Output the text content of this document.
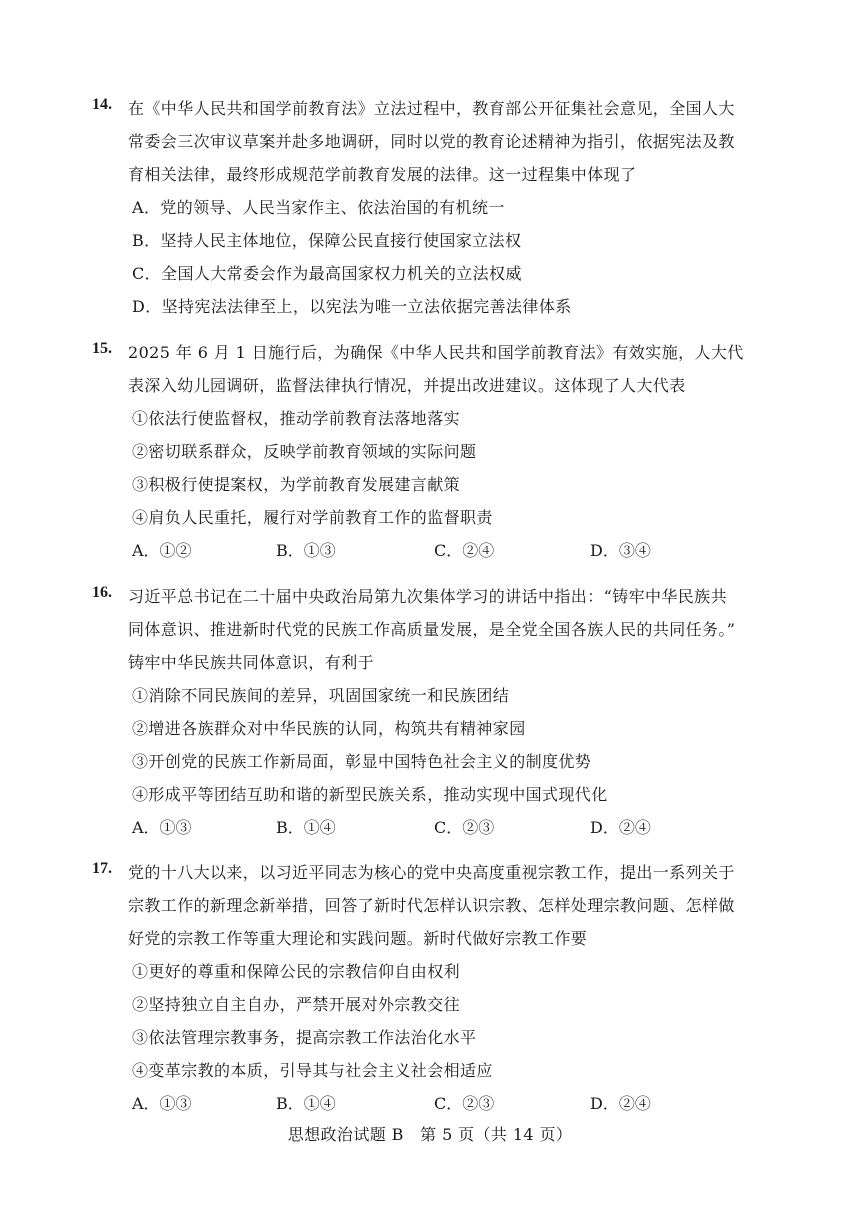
14. 在《中华人民共和国学前教育法》立法过程中，教育部公开征集社会意见，全国人大
常委会三次审议草案并赴多地调研，同时以党的教育论述精神为指引，依据宪法及教
育相关法律，最终形成规范学前教育发展的法律。这一过程集中体现了
A．党的领导、人民当家作主、依法治国的有机统一
B．坚持人民主体地位，保障公民直接行使国家立法权
C．全国人大常委会作为最高国家权力机关的立法权威
D．坚持宪法法律至上，以宪法为唯一立法依据完善法律体系
15. 2025 年 6 月 1 日施行后，为确保《中华人民共和国学前教育法》有效实施，人大代
表深入幼儿园调研，监督法律执行情况，并提出改进建议。这体现了人大代表
①依法行使监督权，推动学前教育法落地落实
②密切联系群众，反映学前教育领域的实际问题
③积极行使提案权，为学前教育发展建言献策
④肩负人民重托，履行对学前教育工作的监督职责
A．①②	B．①③	C．②④	D．③④
16. 习近平总书记在二十届中央政治局第九次集体学习的讲话中指出：“铸牢中华民族共
同体意识、推进新时代党的民族工作高质量发展，是全党全国各族人民的共同任务。”
铸牢中华民族共同体意识，有利于
①消除不同民族间的差异，巩固国家统一和民族团结
②增进各族群众对中华民族的认同，构筑共有精神家园
③开创党的民族工作新局面，彰显中国特色社会主义的制度优势
④形成平等团结互助和谐的新型民族关系，推动实现中国式现代化
A．①③	B．①④	C．②③	D．②④
17. 党的十八大以来，以习近平同志为核心的党中央高度重视宗教工作，提出一系列关于
宗教工作的新理念新举措，回答了新时代怎样认识宗教、怎样处理宗教问题、怎样做
好党的宗教工作等重大理论和实践问题。新时代做好宗教工作要
①更好的尊重和保障公民的宗教信仰自由权利
②坚持独立自主自办，严禁开展对外宗教交往
③依法管理宗教事务，提高宗教工作法治化水平
④变革宗教的本质，引导其与社会主义社会相适应
A．①③	B．①④	C．②③	D．②④
思想政治试题 B　第 5 页（共 14 页）
